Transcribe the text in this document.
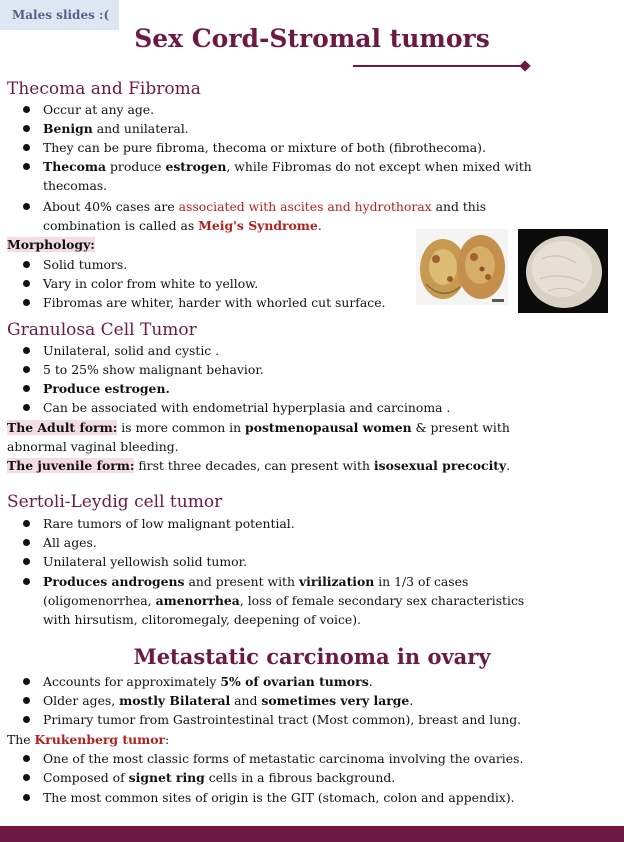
Males slides :(
Sex Cord-Stromal tumors
Thecoma and Fibroma
Occur at any age.
Benign and unilateral.
They can be pure fibroma, thecoma or mixture of both (fibrothecoma).
Thecoma produce estrogen, while Fibromas do not except when mixed with
thecomas.
About 40% cases are associated with ascites and hydrothorax and this
combination is called as Meig's Syndrome.
Morphology:
Solid tumors.
Vary in color from white to yellow.
Fibromas are whiter, harder with whorled cut surface.
Granulosa Cell Tumor
Unilateral, solid and cystic .
5 to 25% show malignant behavior.
Produce estrogen.
Can be associated with endometrial hyperplasia and carcinoma .
The Adult form: is more common in postmenopausal women & present with
abnormal vaginal bleeding.
The juvenile form: first three decades, can present with isosexual precocity.
Sertoli-Leydig cell tumor
Rare tumors of low malignant potential.
All ages.
Unilateral yellowish solid tumor.
Produces androgens and present with virilization in 1/3 of cases
(oligomenorrhea, amenorrhea, loss of female secondary sex characteristics
with hirsutism, clitoromegaly, deepening of voice).
Metastatic carcinoma in ovary
Accounts for approximately 5% of ovarian tumors.
Older ages, mostly Bilateral and sometimes very large.
Primary tumor from Gastrointestinal tract (Most common), breast and lung.
The Krukenberg tumor:
One of the most classic forms of metastatic carcinoma involving the ovaries.
Composed of signet ring cells in a fibrous background.
The most common sites of origin is the GIT (stomach, colon and appendix).
